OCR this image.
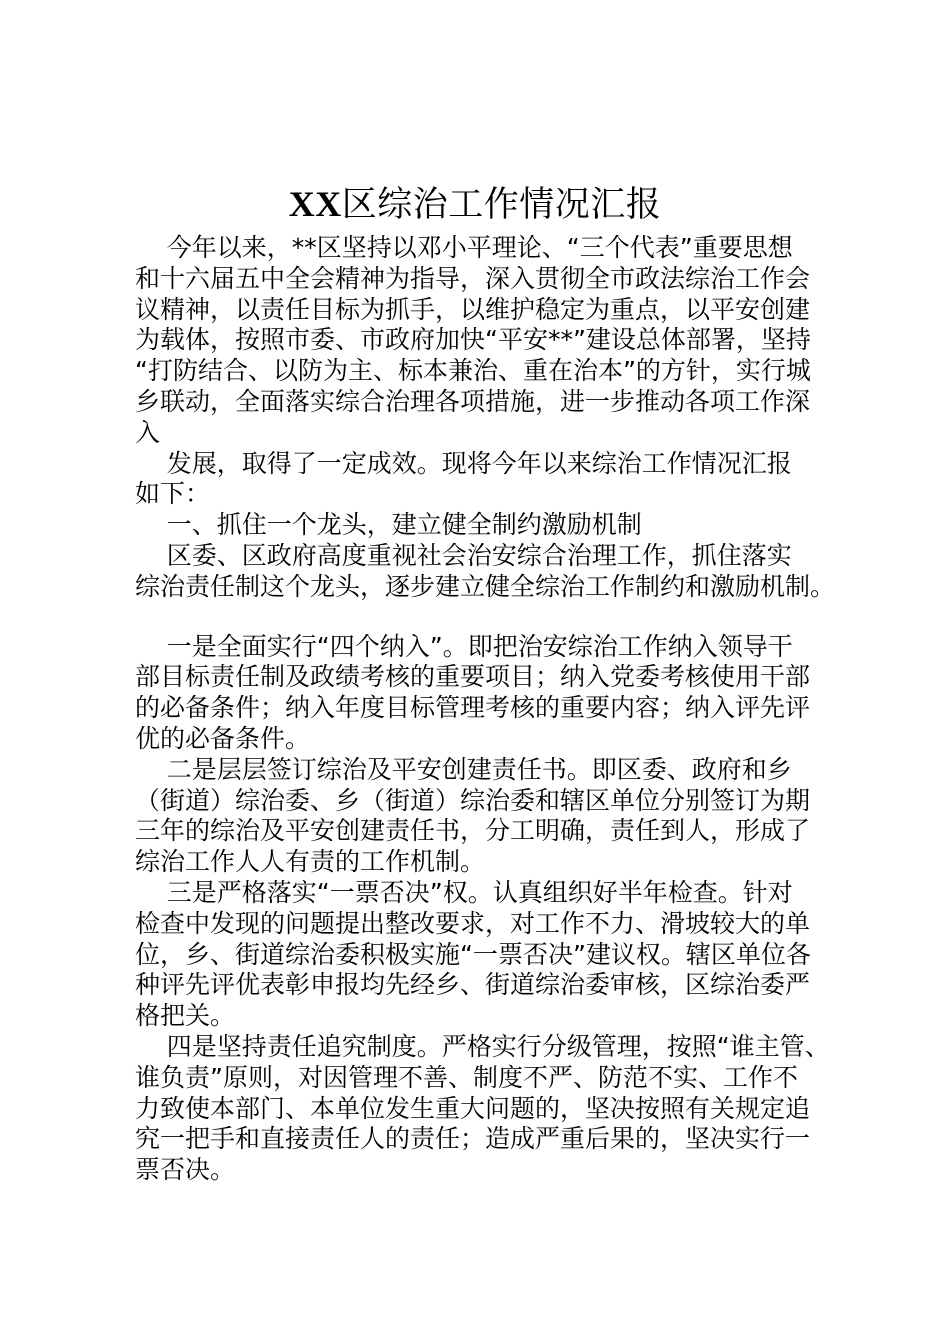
XX区综治工作情况汇报

今年以来，**区坚持以邓小平理论、“三个代表”重要思想

和十六届五中全会精神为指导，深入贯彻全市政法综治工作会

议精神，以责任目标为抓手，以维护稳定为重点，以平安创建

为载体，按照市委、市政府加快“平安**”建设总体部署，坚持

“打防结合、以防为主、标本兼治、重在治本”的方针，实行城

乡联动，全面落实综合治理各项措施，进一步推动各项工作深

入

发展，取得了一定成效。现将今年以来综治工作情况汇报

如下：

一、抓住一个龙头，建立健全制约激励机制

区委、区政府高度重视社会治安综合治理工作，抓住落实

综治责任制这个龙头，逐步建立健全综治工作制约和激励机制。

一是全面实行“四个纳入”。即把治安综治工作纳入领导干

部目标责任制及政绩考核的重要项目；纳入党委考核使用干部

的必备条件；纳入年度目标管理考核的重要内容；纳入评先评

优的必备条件。

二是层层签订综治及平安创建责任书。即区委、政府和乡

（街道）综治委、乡（街道）综治委和辖区单位分别签订为期

三年的综治及平安创建责任书，分工明确，责任到人，形成了

综治工作人人有责的工作机制。

三是严格落实“一票否决”权。认真组织好半年检查。针对

检查中发现的问题提出整改要求，对工作不力、滑坡较大的单

位，乡、街道综治委积极实施“一票否决”建议权。辖区单位各

种评先评优表彰申报均先经乡、街道综治委审核，区综治委严

格把关。

四是坚持责任追究制度。严格实行分级管理，按照“谁主管、

谁负责”原则，对因管理不善、制度不严、防范不实、工作不

力致使本部门、本单位发生重大问题的，坚决按照有关规定追

究一把手和直接责任人的责任；造成严重后果的，坚决实行一

票否决。
